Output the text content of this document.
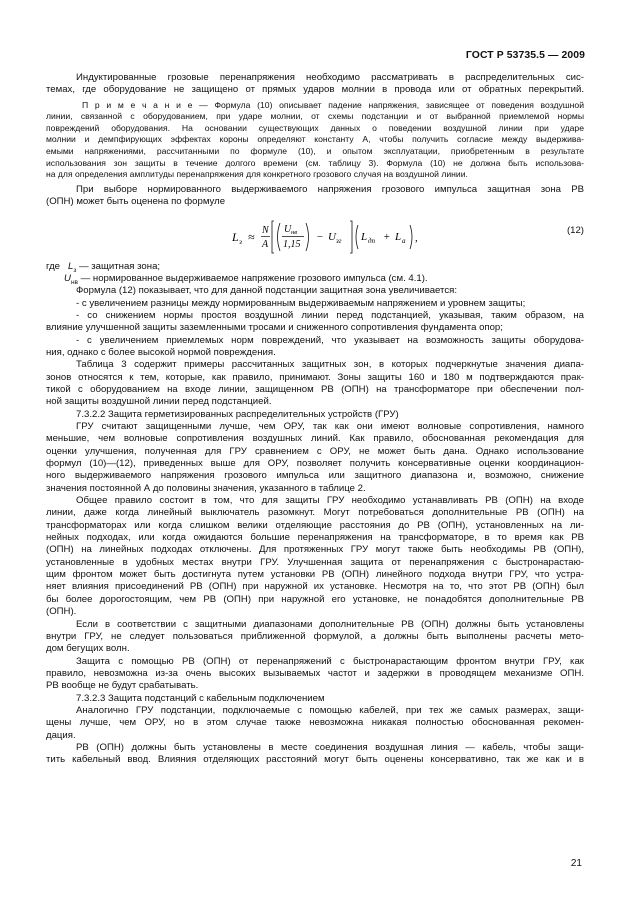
ГОСТ Р 53735.5 — 2009
Индуктированные грозовые перенапряжения необходимо рассматривать в распределительных сис-
темах, где оборудование не защищено от прямых ударов молнии в провода или от обратных перекрытий.
П р и м е ч а н и е — Формула (10) описывает падение напряжения, зависящее от поведения воздушной
линии, связанной с оборудованием, при ударе молнии, от схемы подстанции и от выбранной приемлемой нормы
повреждений оборудования. На основании существующих данных о поведении воздушной линии при ударе
молнии и демпфирующих эффектах короны определяют константу А, чтобы получить согласие между выдержива-
емыми напряжениями, рассчитанными по формуле (10), и опытом эксплуатации, приобретенным в результате
использования зон защиты в течение долгого времени (см. таблицу 3). Формула (10) не должна быть использова-
на для определения амплитуды перенапряжения для конкретного грозового случая на воздушной линии.
При выборе нормированного выдерживаемого напряжения грозового импульса защитная зона РВ
(ОПН) может быть оценена по формуле
L з ≈ N
A
U нв
1,15
− U зг L дп + L а ,
(12)
где $L_з$ — защитная зона;
$U_{нв}$ — нормированное выдерживаемое напряжение грозового импульса (см. 4.1).
Формула (12) показывает, что для данной подстанции защитная зона увеличивается:
- с увеличением разницы между нормированным выдерживаемым напряжением и уровнем защиты;
- со снижением нормы простоя воздушной линии перед подстанцией, указывая, таким образом, на
влияние улучшенной защиты заземленными тросами и сниженного сопротивления фундамента опор;
- с увеличением приемлемых норм повреждений, что указывает на возможность защиты оборудова-
ния, однако с более высокой нормой повреждения.
Таблица 3 содержит примеры рассчитанных защитных зон, в которых подчеркнутые значения диапа-
зонов относятся к тем, которые, как правило, принимают. Зоны защиты 160 и 180 м подтверждаются прак-
тикой с оборудованием на входе линии, защищенном РВ (ОПН) на трансформаторе при обеспечении пол-
ной защиты воздушной линии перед подстанцией.
7.3.2.2 Защита герметизированных распределительных устройств (ГРУ)
ГРУ считают защищенными лучше, чем ОРУ, так как они имеют волновые сопротивления, намного
меньшие, чем волновые сопротивления воздушных линий. Как правило, обоснованная рекомендация для
оценки улучшения, полученная для ГРУ сравнением с ОРУ, не может быть дана. Однако использование
формул (10)—(12), приведенных выше для ОРУ, позволяет получить консервативные оценки координацион-
ного выдерживаемого напряжения грозового импульса или защитного диапазона и, возможно, снижение
значения постоянной А до половины значения, указанного в таблице 2.
Общее правило состоит в том, что для защиты ГРУ необходимо устанавливать РВ (ОПН) на входе
линии, даже когда линейный выключатель разомкнут. Могут потребоваться дополнительные РВ (ОПН) на
трансформаторах или когда слишком велики отделяющие расстояния до РВ (ОПН), установленных на ли-
нейных подходах, или когда ожидаются большие перенапряжения на трансформаторе, в то время как РВ
(ОПН) на линейных подходах отключены. Для протяженных ГРУ могут также быть необходимы РВ (ОПН),
установленные в удобных местах внутри ГРУ. Улучшенная защита от перенапряжения с быстронарастаю-
щим фронтом может быть достигнута путем установки РВ (ОПН) линейного подхода внутри ГРУ, что устра-
няет влияния присоединений РВ (ОПН) при наружной их установке. Несмотря на то, что этот РВ (ОПН) был
бы более дорогостоящим, чем РВ (ОПН) при наружной его установке, не понадобятся дополнительные РВ
(ОПН).
Если в соответствии с защитными диапазонами дополнительные РВ (ОПН) должны быть установлены
внутри ГРУ, не следует пользоваться приближенной формулой, а должны быть выполнены расчеты мето-
дом бегущих волн.
Защита с помощью РВ (ОПН) от перенапряжений с быстронарастающим фронтом внутри ГРУ, как
правило, невозможна из-за очень высоких вызываемых частот и задержки в проводящем механизме ОПН.
РВ вообще не будут срабатывать.
7.3.2.3 Защита подстанций с кабельным подключением
Аналогично ГРУ подстанции, подключаемые с помощью кабелей, при тех же самых размерах, защи-
щены лучше, чем ОРУ, но в этом случае также невозможна никакая полностью обоснованная рекомен-
дация.
РВ (ОПН) должны быть установлены в месте соединения воздушная линия — кабель, чтобы защи-
тить кабельный ввод. Влияния отделяющих расстояний могут быть оценены консервативно, так же как и в
21
